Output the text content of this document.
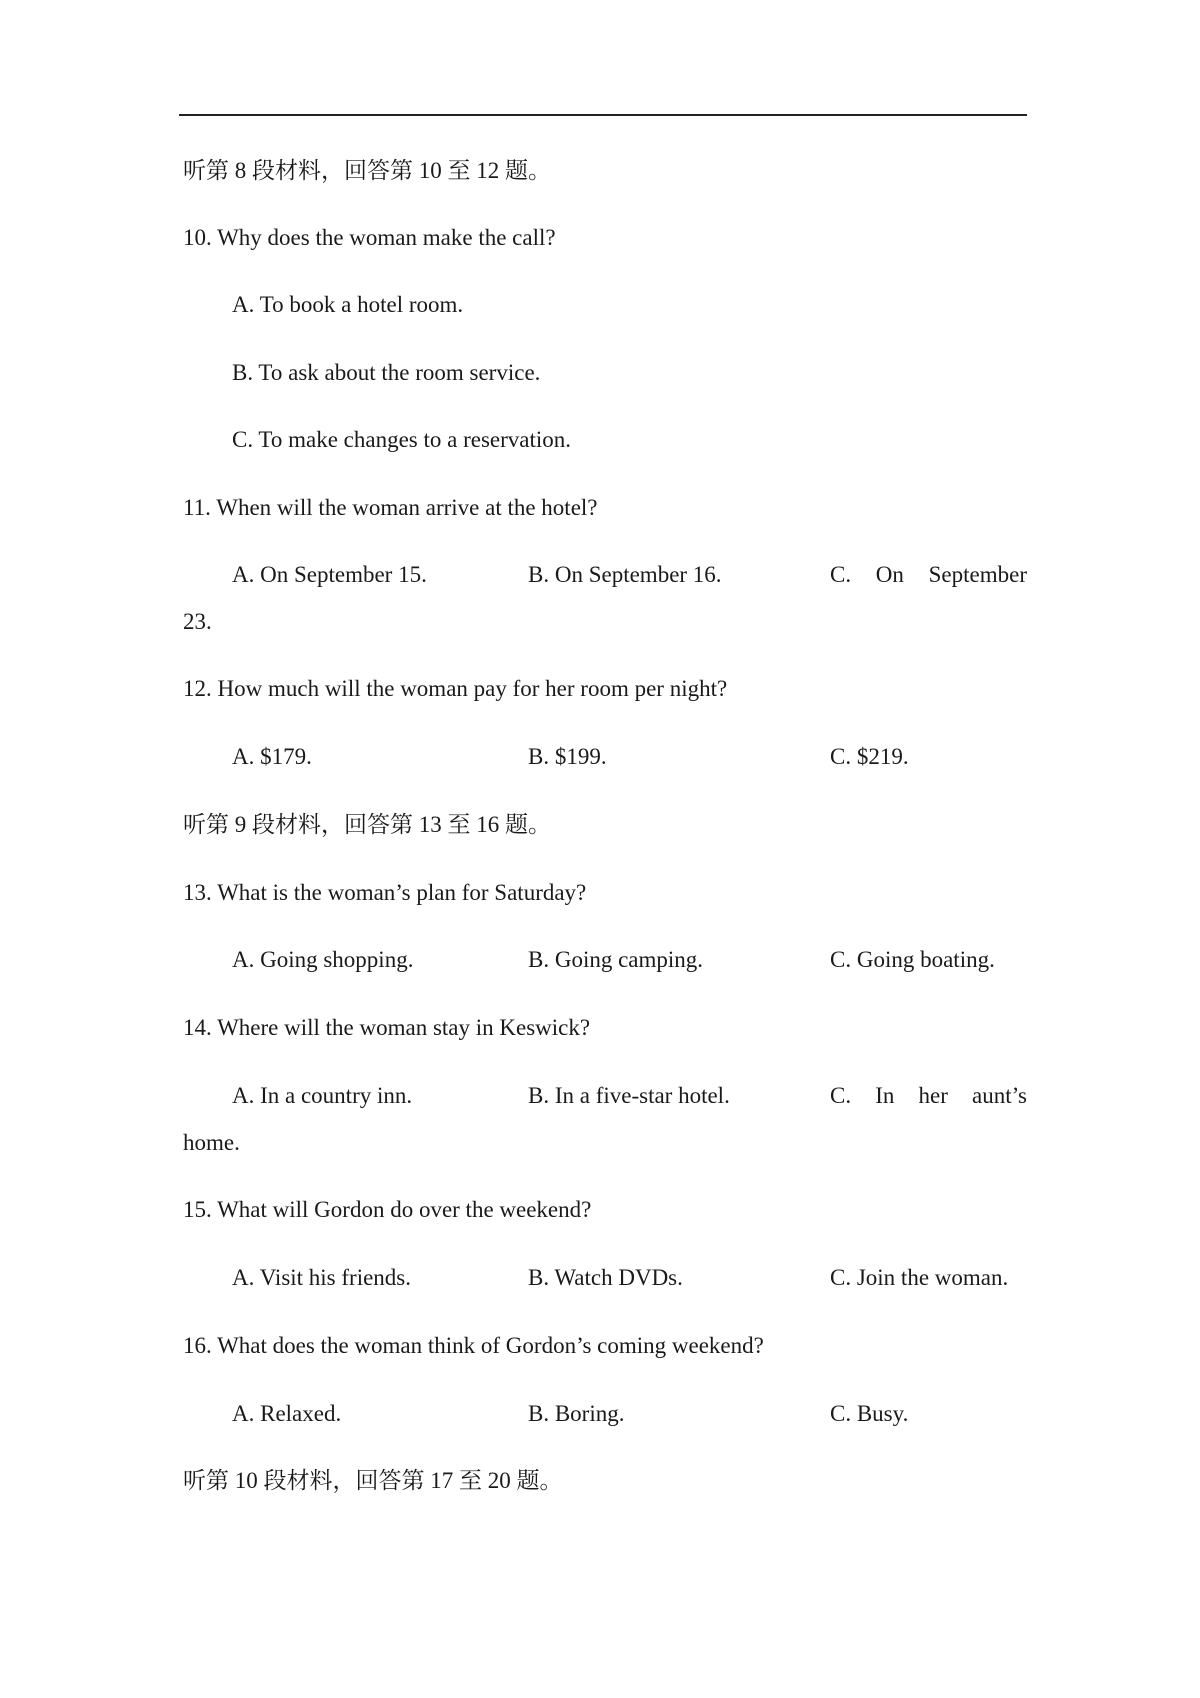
听第 8 段材料，回答第 10 至 12 题。
10. Why does the woman make the call?
A. To book a hotel room.
B. To ask about the room service.
C. To make changes to a reservation.
11. When will the woman arrive at the hotel?
A. On September 15.	B. On September 16.	C. On September
23.
12. How much will the woman pay for her room per night?
A. $179.	B. $199.	C. $219.
听第 9 段材料，回答第 13 至 16 题。
13. What is the woman’s plan for Saturday?
A. Going shopping.	B. Going camping.	C. Going boating.
14. Where will the woman stay in Keswick?
A. In a country inn.	B. In a five-star hotel.	C. In her aunt’s
home.
15. What will Gordon do over the weekend?
A. Visit his friends.	B. Watch DVDs.	C. Join the woman.
16. What does the woman think of Gordon’s coming weekend?
A. Relaxed.	B. Boring.	C. Busy.
听第 10 段材料，回答第 17 至 20 题。
